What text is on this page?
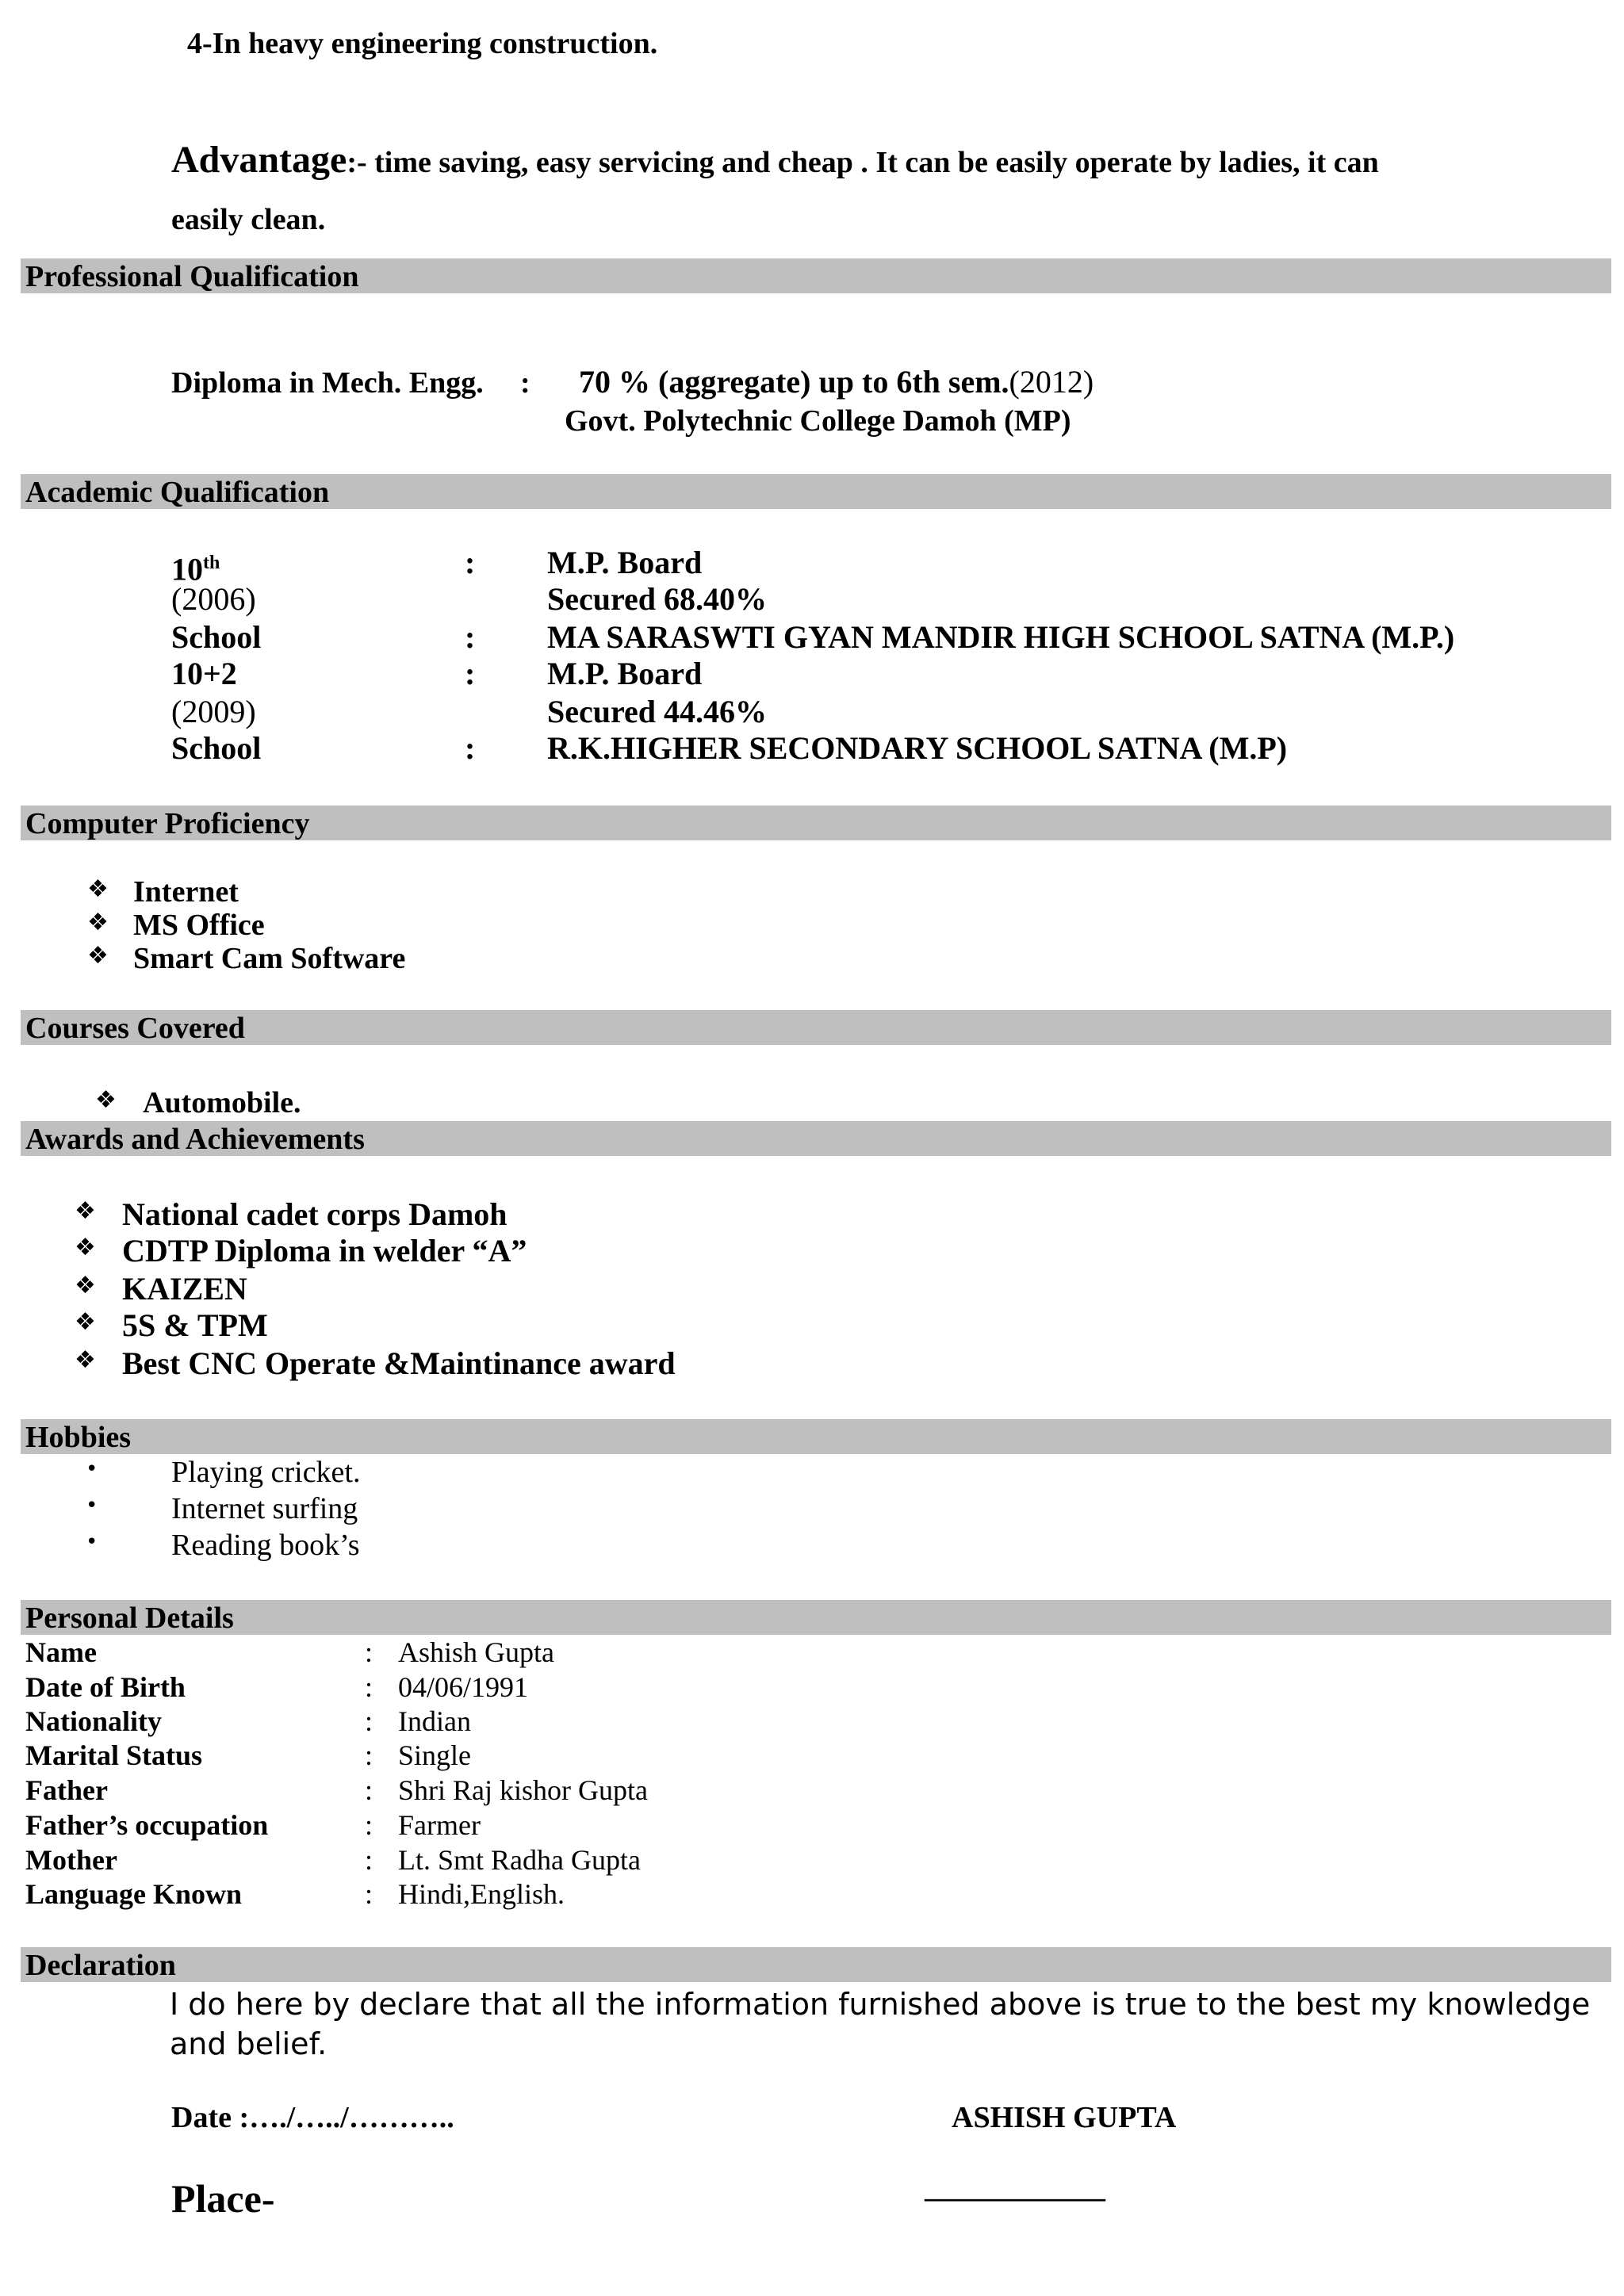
4-In heavy engineering construction.
Advantage:- time saving, easy servicing and cheap . It can be easily operate by ladies, it can
easily clean.
Professional Qualification
Diploma in Mech. Engg. : 70 % (aggregate) up to 6th sem.(2012)
Govt. Polytechnic College Damoh (MP)
Academic Qualification
10th	: M.P. Board
(2006)	Secured 68.40%
School	: MA SARASWTI GYAN MANDIR HIGH SCHOOL SATNA (M.P.)
10+2	: M.P. Board
(2009)	Secured 44.46%
School	: R.K.HIGHER SECONDARY SCHOOL SATNA (M.P)
Computer Proficiency
❖ Internet
❖ MS Office
❖ Smart Cam Software
Courses Covered
❖ Automobile.
Awards and Achievements
❖ National cadet corps Damoh
❖ CDTP Diploma in welder “A”
❖ KAIZEN
❖ 5S & TPM
❖ Best CNC Operate &Maintinance award
Hobbies
• Playing cricket.
• Internet surfing
• Reading book’s
Personal Details
Name	: Ashish Gupta
Date of Birth	: 04/06/1991
Nationality	: Indian
Marital Status	: Single
Father	: Shri Raj kishor Gupta
Father’s occupation	: Farmer
Mother	: Lt. Smt Radha Gupta
Language Known	: Hindi,English.
Declaration
I do here by declare that all the information furnished above is true to the best my knowledge
and belief.
Date :…./…../………..	ASHISH GUPTA
Place-	____________
